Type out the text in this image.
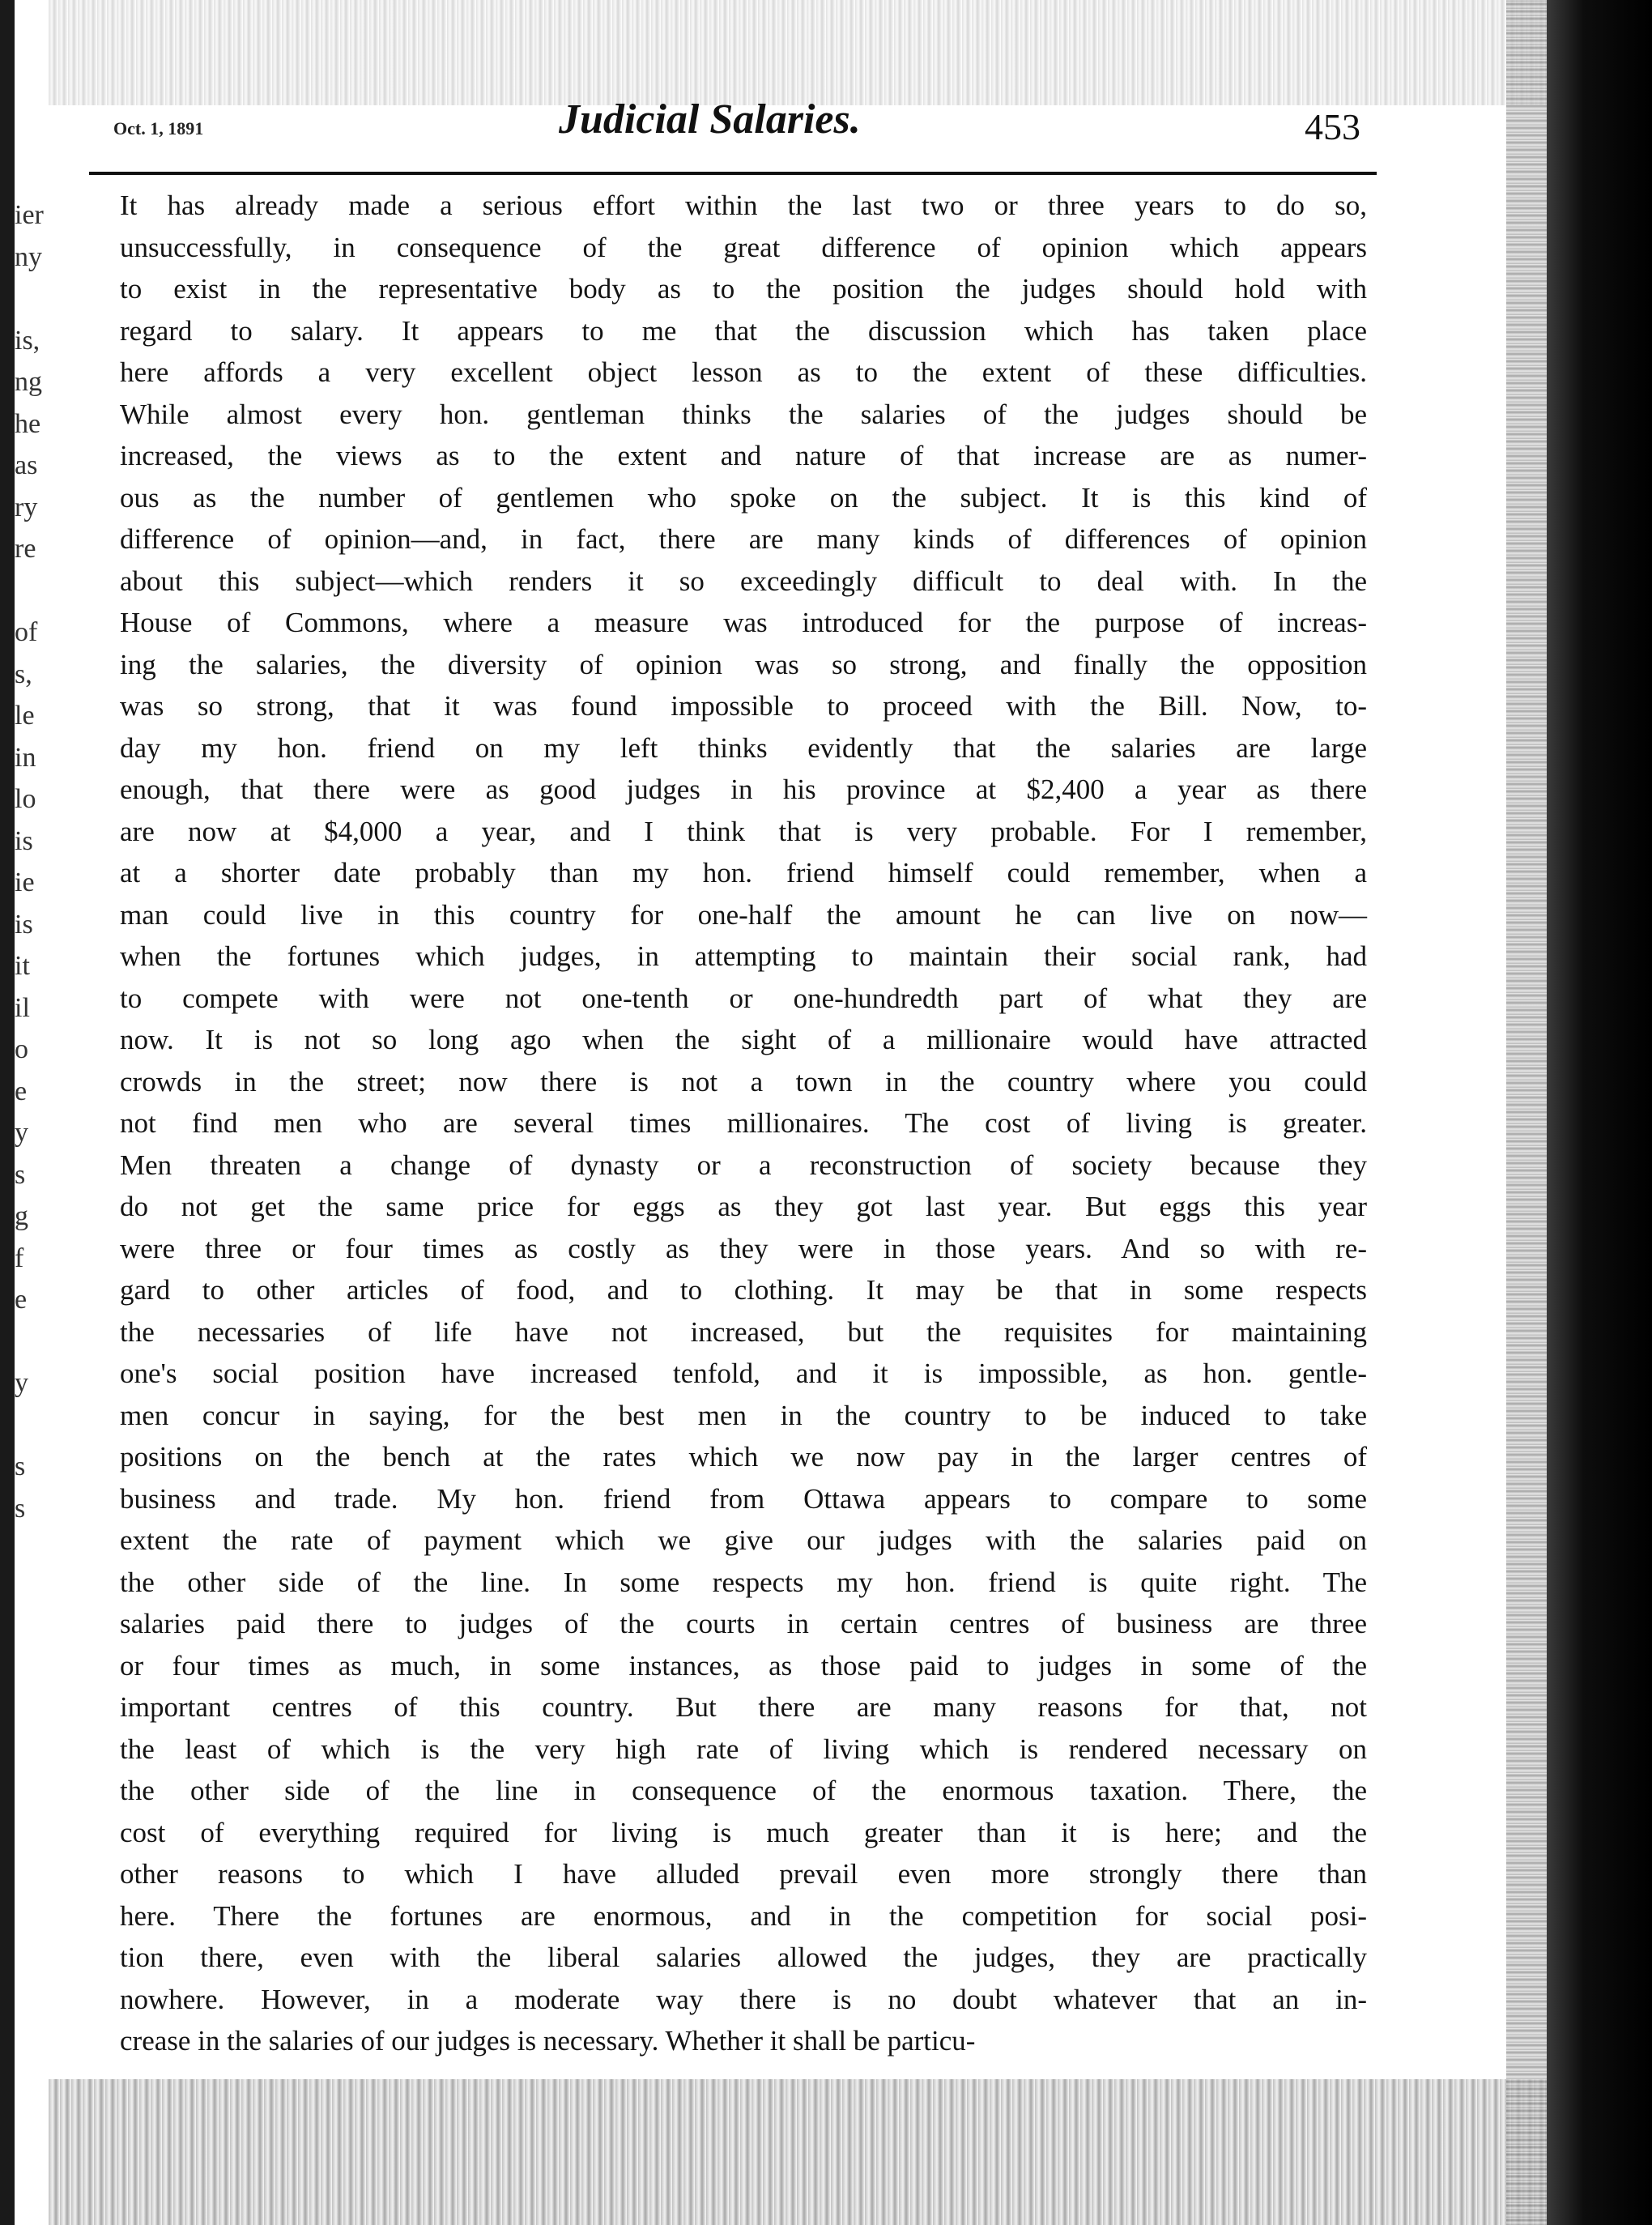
ier
ny
is,
ng
he
as
ry
re
of
s,
le
in
lo
is
ie
is
it
il
o
e
y
s
g
f
e
y
s
s
Oct. 1, 1891	Judicial Salaries.	453
It has already made a serious effort within the last two or three years to do so,
unsuccessfully, in consequence of the great difference of opinion which appears
to exist in the representative body as to the position the judges should hold with
regard to salary. It appears to me that the discussion which has taken place
here affords a very excellent object lesson as to the extent of these difficulties.
While almost every hon. gentleman thinks the salaries of the judges should be
increased, the views as to the extent and nature of that increase are as numer-
ous as the number of gentlemen who spoke on the subject. It is this kind of
difference of opinion—and, in fact, there are many kinds of differences of opinion
about this subject—which renders it so exceedingly difficult to deal with. In the
House of Commons, where a measure was introduced for the purpose of increas-
ing the salaries, the diversity of opinion was so strong, and finally the opposition
was so strong, that it was found impossible to proceed with the Bill. Now, to-
day my hon. friend on my left thinks evidently that the salaries are large
enough, that there were as good judges in his province at $2,400 a year as there
are now at $4,000 a year, and I think that is very probable. For I remember,
at a shorter date probably than my hon. friend himself could remember, when a
man could live in this country for one-half the amount he can live on now—
when the fortunes which judges, in attempting to maintain their social rank, had
to compete with were not one-tenth or one-hundredth part of what they are
now. It is not so long ago when the sight of a millionaire would have attracted
crowds in the street; now there is not a town in the country where you could
not find men who are several times millionaires. The cost of living is greater.
Men threaten a change of dynasty or a reconstruction of society because they
do not get the same price for eggs as they got last year. But eggs this year
were three or four times as costly as they were in those years. And so with re-
gard to other articles of food, and to clothing. It may be that in some respects
the necessaries of life have not increased, but the requisites for maintaining
one's social position have increased tenfold, and it is impossible, as hon. gentle-
men concur in saying, for the best men in the country to be induced to take
positions on the bench at the rates which we now pay in the larger centres of
business and trade. My hon. friend from Ottawa appears to compare to some
extent the rate of payment which we give our judges with the salaries paid on
the other side of the line. In some respects my hon. friend is quite right. The
salaries paid there to judges of the courts in certain centres of business are three
or four times as much, in some instances, as those paid to judges in some of the
important centres of this country. But there are many reasons for that, not
the least of which is the very high rate of living which is rendered necessary on
the other side of the line in consequence of the enormous taxation. There, the
cost of everything required for living is much greater than it is here; and the
other reasons to which I have alluded prevail even more strongly there than
here. There the fortunes are enormous, and in the competition for social posi-
tion there, even with the liberal salaries allowed the judges, they are practically
nowhere. However, in a moderate way there is no doubt whatever that an in-
crease in the salaries of our judges is necessary. Whether it shall be particu-
